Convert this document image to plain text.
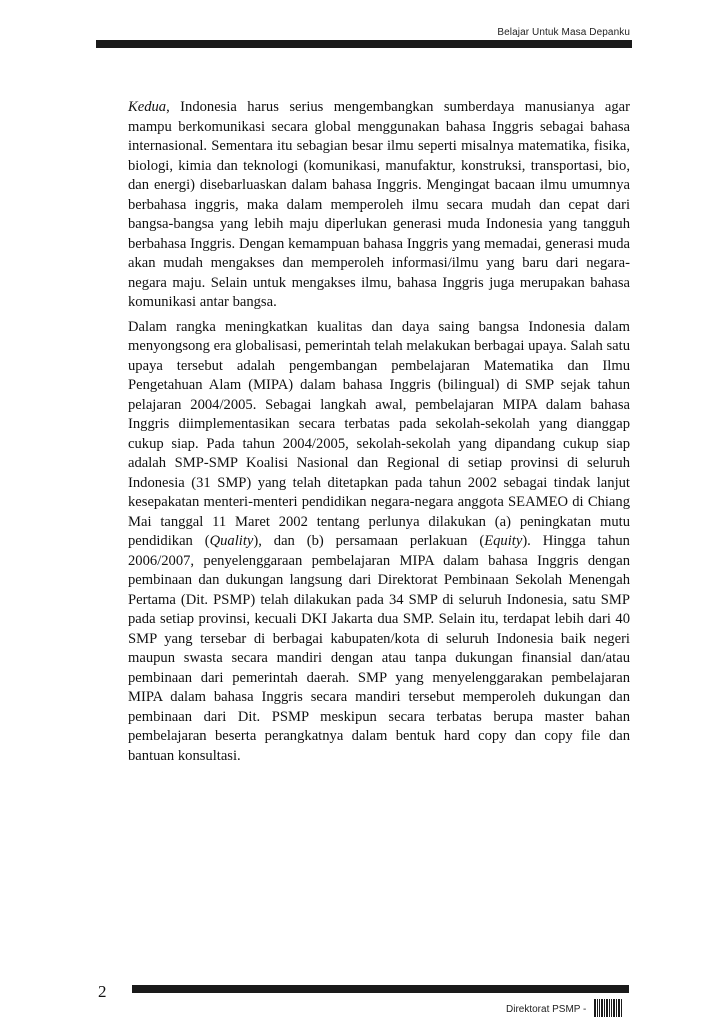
Belajar Untuk Masa Depanku

Kedua, Indonesia harus serius mengembangkan sumberdaya manusianya agar mampu berkomunikasi secara global menggunakan bahasa Inggris sebagai bahasa internasional. Sementara itu sebagian besar ilmu seperti misalnya matematika, fisika, biologi, kimia dan teknologi (komunikasi, manufaktur, konstruksi, transportasi, bio, dan energi) disebarluaskan dalam bahasa Inggris. Mengingat bacaan ilmu umumnya berbahasa inggris, maka dalam memperoleh ilmu secara mudah dan cepat dari bangsa-bangsa yang lebih maju diperlukan generasi muda Indonesia yang tangguh berbahasa Inggris. Dengan kemampuan bahasa Inggris yang memadai, generasi muda akan mudah mengakses dan memperoleh informasi/ilmu yang baru dari negara-negara maju. Selain untuk mengakses ilmu, bahasa Inggris juga merupakan bahasa komunikasi antar bangsa.

Dalam rangka meningkatkan kualitas dan daya saing bangsa Indonesia dalam menyongsong era globalisasi, pemerintah telah melakukan berbagai upaya. Salah satu upaya tersebut adalah pengembangan pembelajaran Matematika dan Ilmu Pengetahuan Alam (MIPA) dalam bahasa Inggris (bilingual) di SMP sejak tahun pelajaran 2004/2005. Sebagai langkah awal, pembelajaran MIPA dalam bahasa Inggris diimplementasikan secara terbatas pada sekolah-sekolah yang dianggap cukup siap. Pada tahun 2004/2005, sekolah-sekolah yang dipandang cukup siap adalah SMP-SMP Koalisi Nasional dan Regional di setiap provinsi di seluruh Indonesia (31 SMP) yang telah ditetapkan pada tahun 2002 sebagai tindak lanjut kesepakatan menteri-menteri pendidikan negara-negara anggota SEAMEO di Chiang Mai tanggal 11 Maret 2002 tentang perlunya dilakukan (a) peningkatan mutu pendidikan (Quality), dan (b) persamaan perlakuan (Equity). Hingga tahun 2006/2007, penyelenggaraan pembelajaran MIPA dalam bahasa Inggris dengan pembinaan dan dukungan langsung dari Direktorat Pembinaan Sekolah Menengah Pertama (Dit. PSMP) telah dilakukan pada 34 SMP di seluruh Indonesia, satu SMP pada setiap provinsi, kecuali DKI Jakarta dua SMP. Selain itu, terdapat lebih dari 40 SMP yang tersebar di berbagai kabupaten/kota di seluruh Indonesia baik negeri maupun swasta secara mandiri dengan atau tanpa dukungan finansial dan/atau pembinaan dari pemerintah daerah. SMP yang menyelenggarakan pembelajaran MIPA dalam bahasa Inggris secara mandiri tersebut memperoleh dukungan dan pembinaan dari Dit. PSMP meskipun secara terbatas berupa master bahan pembelajaran beserta perangkatnya dalam bentuk hard copy dan copy file dan bantuan konsultasi.

2
Direktorat PSMP -
